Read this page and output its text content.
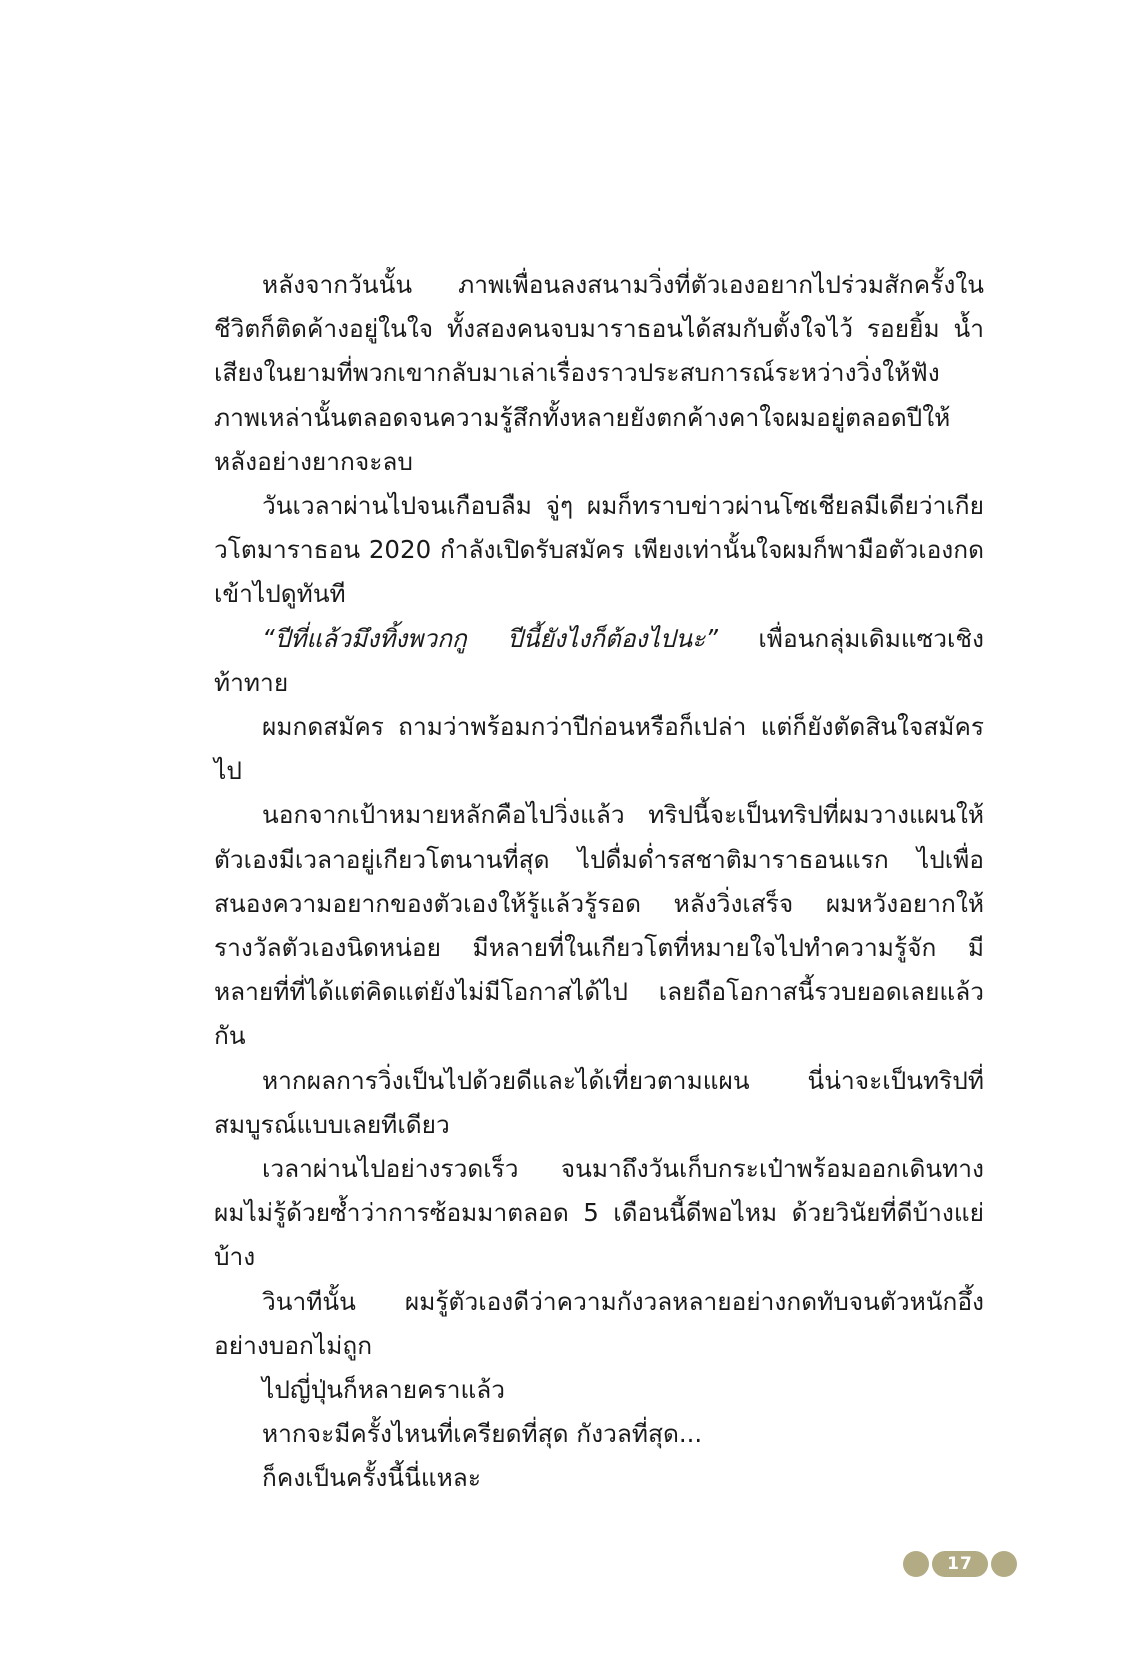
หลังจากวันนั้น ภาพเพื่อนลงสนามวิ่งที่ตัวเองอยากไปร่วมสักครั้งในชีวิตก็ติดค้างอยู่ในใจ ทั้งสองคนจบมาราธอนได้สมกับตั้งใจไว้ รอยยิ้ม น้ำเสียงในยามที่พวกเขากลับมาเล่าเรื่องราวประสบการณ์ระหว่างวิ่งให้ฟัง ภาพเหล่านั้นตลอดจนความรู้สึกทั้งหลายยังตกค้างคาใจผมอยู่ตลอดปีให้หลังอย่างยากจะลบ

วันเวลาผ่านไปจนเกือบลืม จู่ๆ ผมก็ทราบข่าวผ่านโซเชียลมีเดียว่าเกียวโตมาราธอน 2020 กำลังเปิดรับสมัคร เพียงเท่านั้นใจผมก็พามือตัวเองกดเข้าไปดูทันที

“ปีที่แล้วมึงทิ้งพวกกู ปีนี้ยังไงก็ต้องไปนะ” เพื่อนกลุ่มเดิมแซวเชิงท้าทาย

ผมกดสมัคร ถามว่าพร้อมกว่าปีก่อนหรือก็เปล่า แต่ก็ยังตัดสินใจสมัครไป

นอกจากเป้าหมายหลักคือไปวิ่งแล้ว ทริปนี้จะเป็นทริปที่ผมวางแผนให้ตัวเองมีเวลาอยู่เกียวโตนานที่สุด ไปดื่มด่ำรสชาติมาราธอนแรก ไปเพื่อสนองความอยากของตัวเองให้รู้แล้วรู้รอด หลังวิ่งเสร็จ ผมหวังอยากให้รางวัลตัวเองนิดหน่อย มีหลายที่ในเกียวโตที่หมายใจไปทำความรู้จัก มีหลายที่ที่ได้แต่คิดแต่ยังไม่มีโอกาสได้ไป เลยถือโอกาสนี้รวบยอดเลยแล้วกัน

หากผลการวิ่งเป็นไปด้วยดีและได้เที่ยวตามแผน นี่น่าจะเป็นทริปที่สมบูรณ์แบบเลยทีเดียว

เวลาผ่านไปอย่างรวดเร็ว จนมาถึงวันเก็บกระเป๋าพร้อมออกเดินทาง ผมไม่รู้ด้วยซ้ำว่าการซ้อมมาตลอด 5 เดือนนี้ดีพอไหม ด้วยวินัยที่ดีบ้างแย่บ้าง

วินาทีนั้น ผมรู้ตัวเองดีว่าความกังวลหลายอย่างกดทับจนตัวหนักอึ้งอย่างบอกไม่ถูก

ไปญี่ปุ่นก็หลายคราแล้ว

หากจะมีครั้งไหนที่เครียดที่สุด กังวลที่สุด...

ก็คงเป็นครั้งนี้นี่แหละ

17
